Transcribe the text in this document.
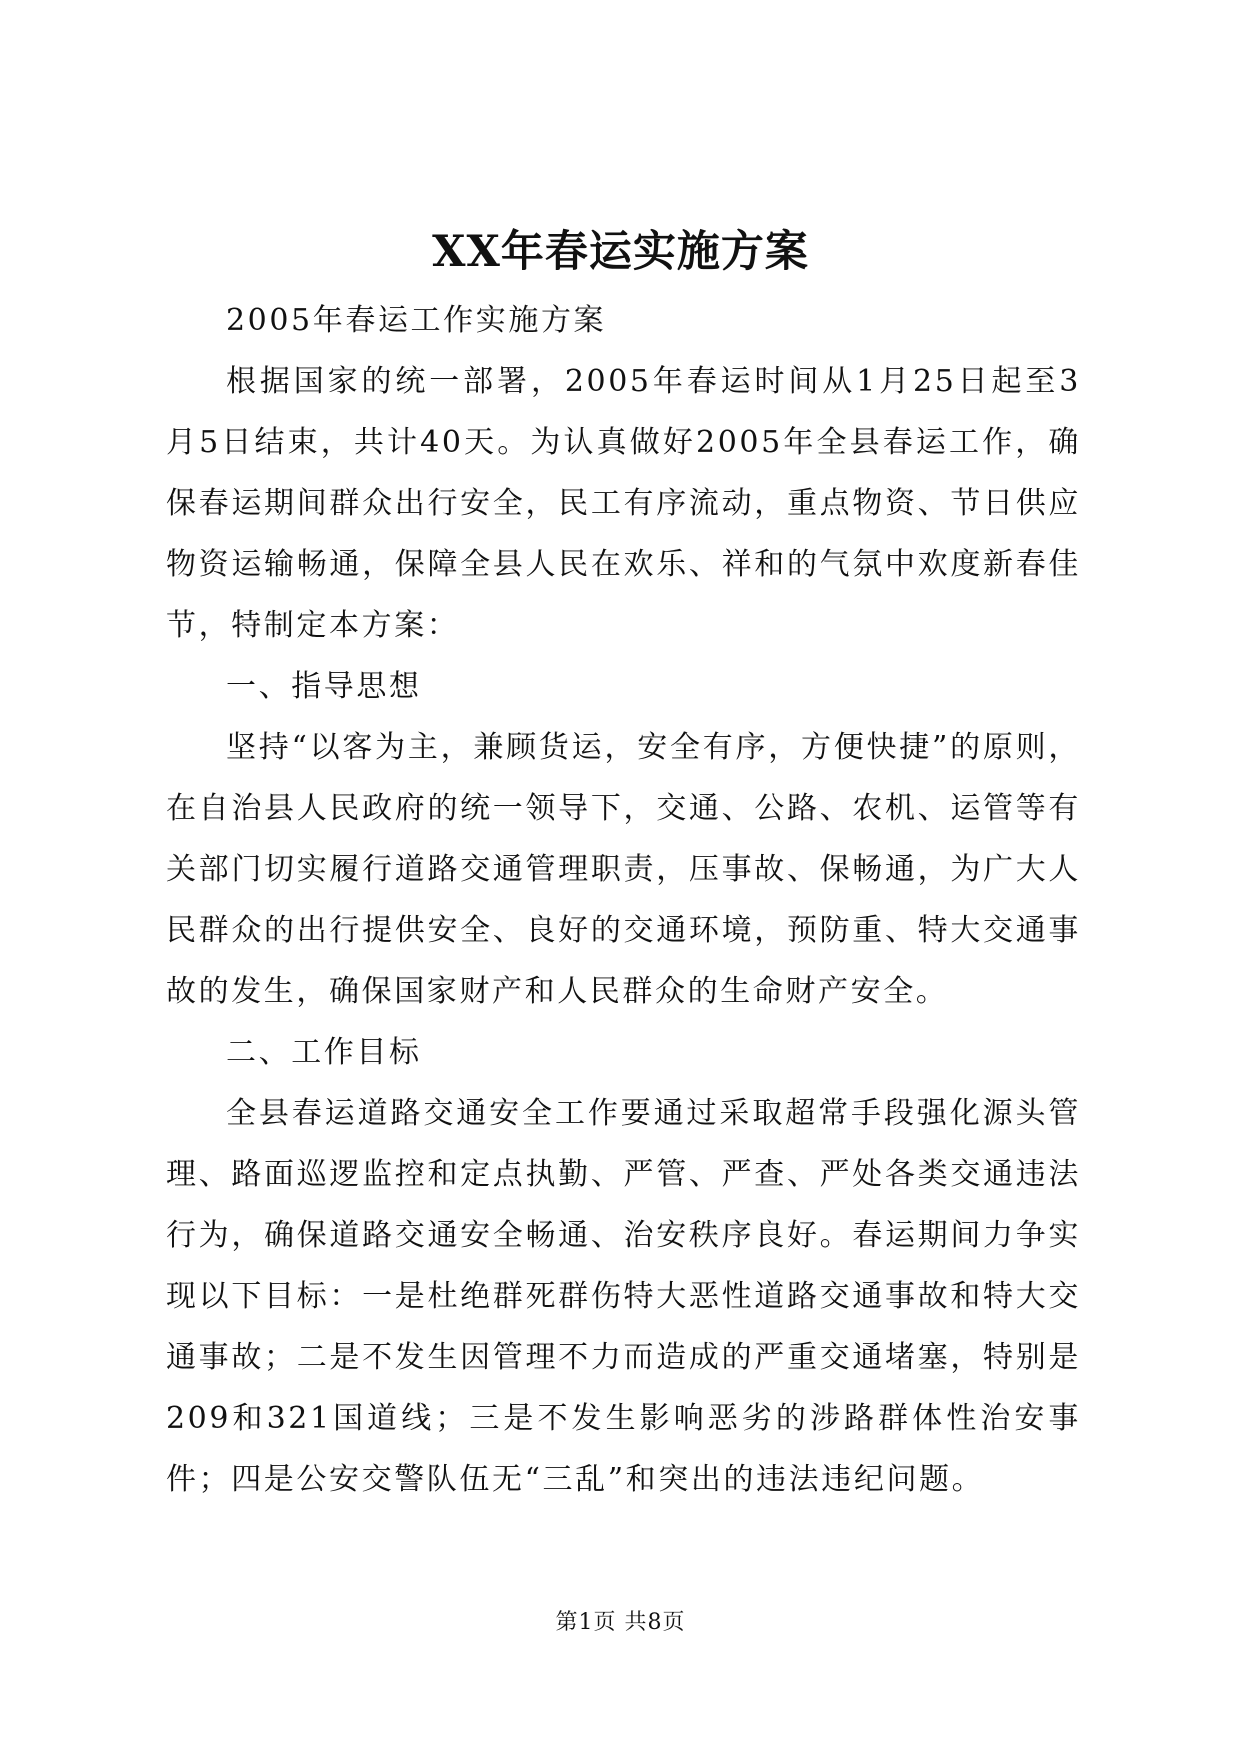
XX年春运实施方案

2005年春运工作实施方案

根据国家的统一部署，2005年春运时间从1月25日起至3月5日结束，共计40天。为认真做好2005年全县春运工作，确保春运期间群众出行安全，民工有序流动，重点物资、节日供应物资运输畅通，保障全县人民在欢乐、祥和的气氛中欢度新春佳节，特制定本方案：

一、指导思想

坚持“以客为主，兼顾货运，安全有序，方便快捷”的原则，在自治县人民政府的统一领导下，交通、公路、农机、运管等有关部门切实履行道路交通管理职责，压事故、保畅通，为广大人民群众的出行提供安全、良好的交通环境，预防重、特大交通事故的发生，确保国家财产和人民群众的生命财产安全。

二、工作目标

全县春运道路交通安全工作要通过采取超常手段强化源头管理、路面巡逻监控和定点执勤、严管、严查、严处各类交通违法行为，确保道路交通安全畅通、治安秩序良好。春运期间力争实现以下目标：一是杜绝群死群伤特大恶性道路交通事故和特大交通事故；二是不发生因管理不力而造成的严重交通堵塞，特别是209和321国道线；三是不发生影响恶劣的涉路群体性治安事件；四是公安交警队伍无“三乱”和突出的违法违纪问题。

第1页 共8页
